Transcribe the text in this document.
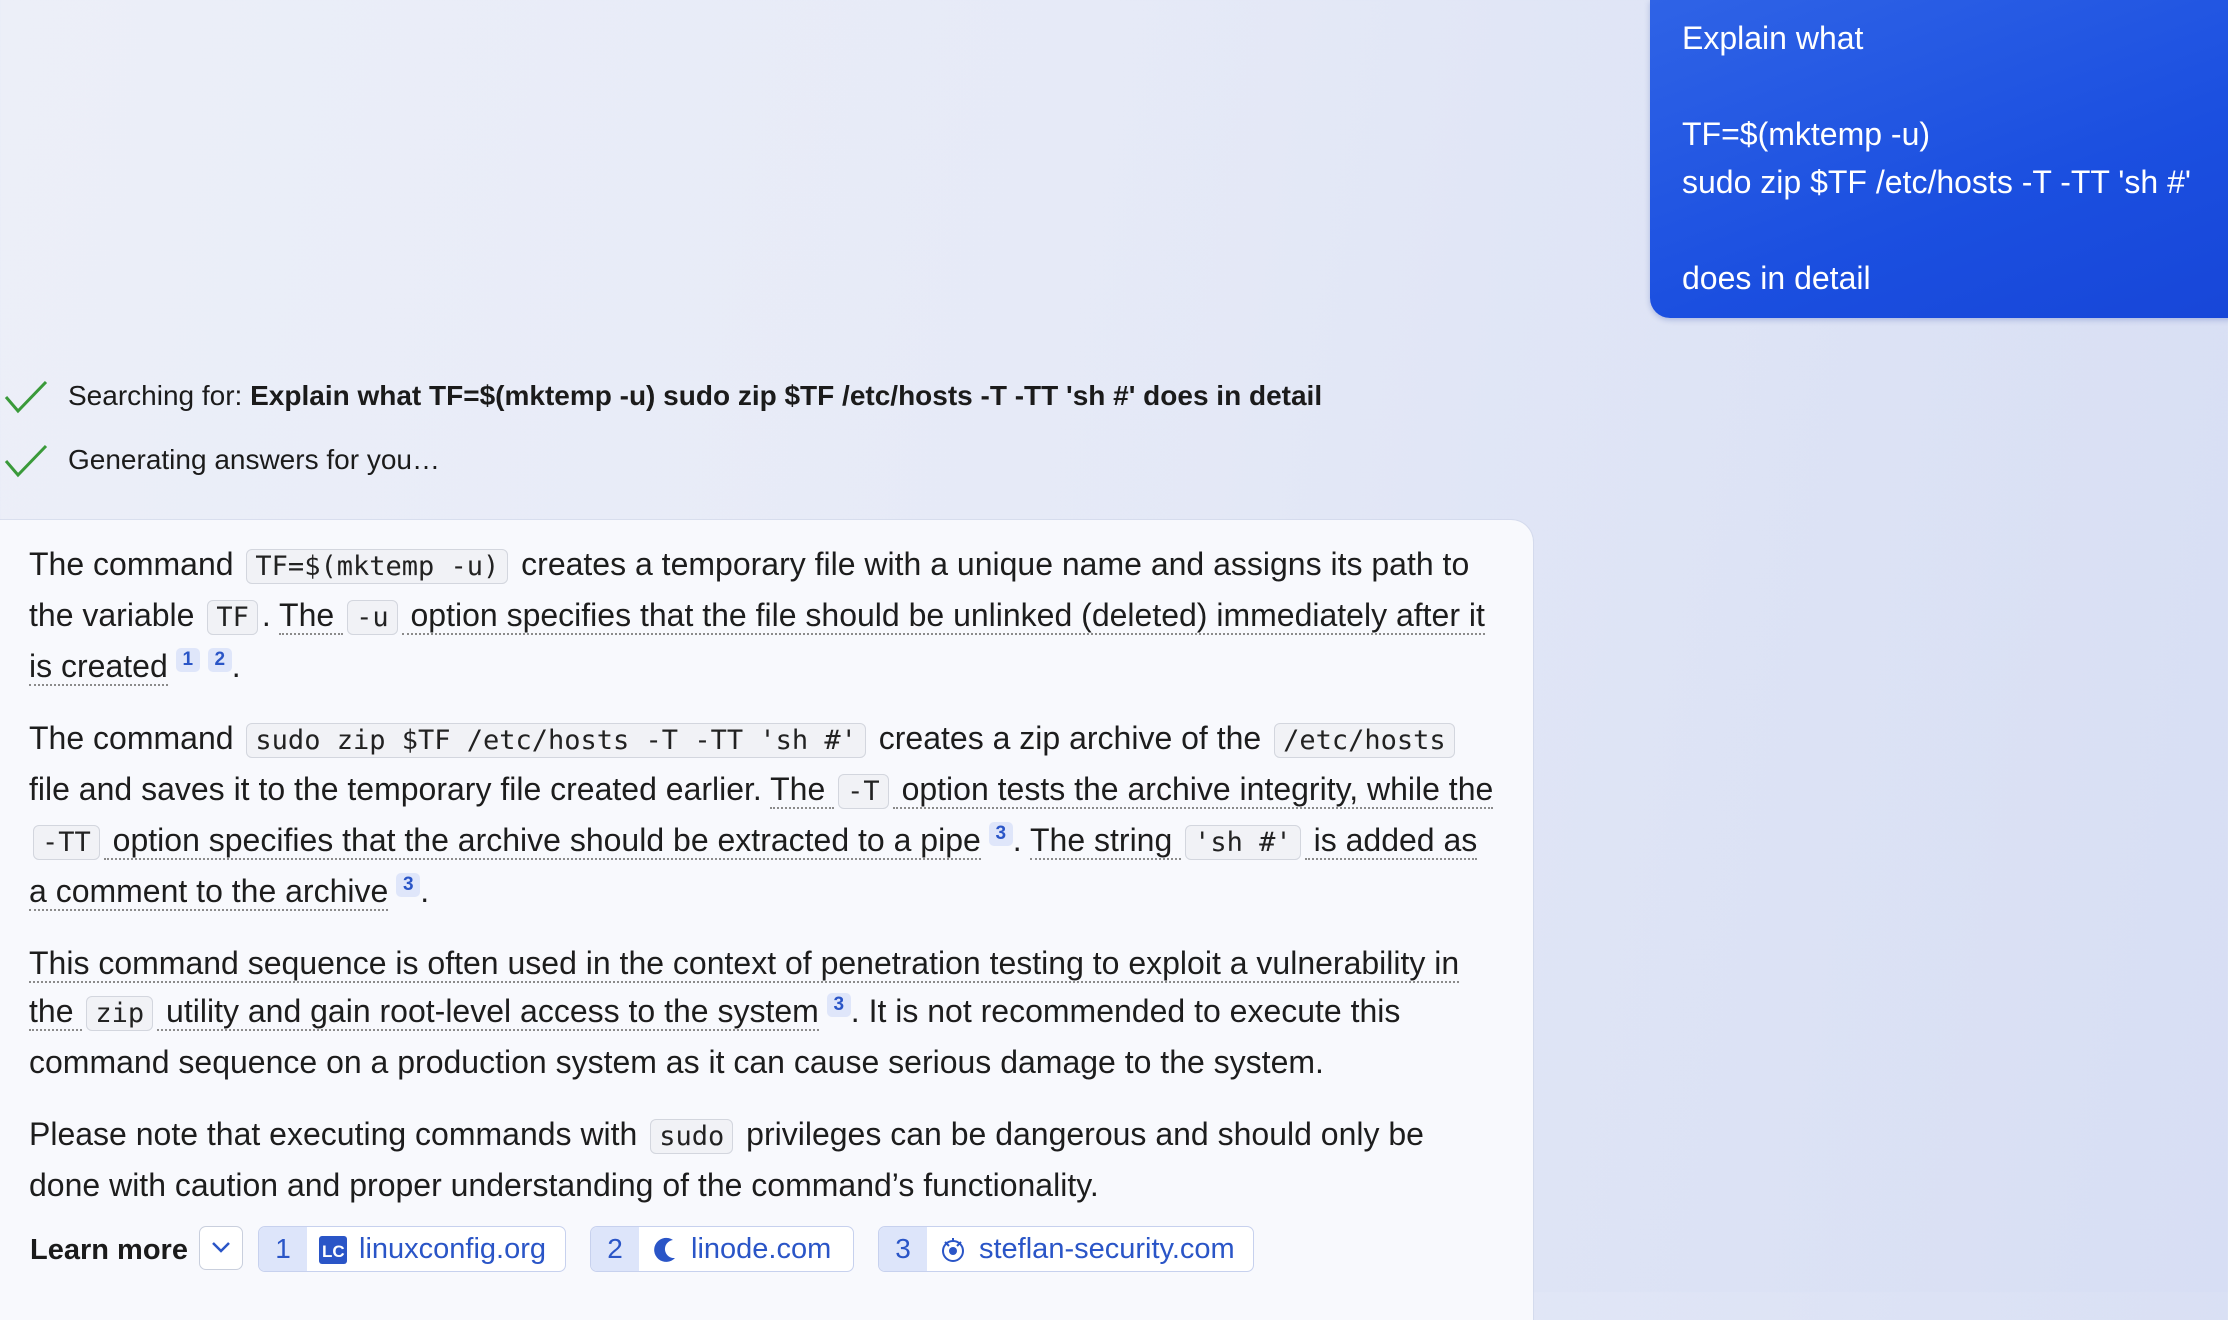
Explain what
TF=$(mktemp -u)
sudo zip $TF /etc/hosts -T -TT 'sh #'
does in detail
Searching for: Explain what TF=$(mktemp -u) sudo zip $TF /etc/hosts -T -TT 'sh #' does in detail
Generating answers for you…

The command TF=$(mktemp -u) creates a temporary file with a unique name and assigns its path to the variable TF . The -u option specifies that the file should be unlinked (deleted) immediately after it is created $^1$ $^2$ .

The command sudo zip $TF /etc/hosts -T -TT 'sh #' creates a zip archive of the /etc/hosts file and saves it to the temporary file created earlier. The -T option tests the archive integrity, while the -TT option specifies that the archive should be extracted to a pipe $^3$ . The string 'sh #' is added as a comment to the archive $^3$ .

This command sequence is often used in the context of penetration testing to exploit a vulnerability in the zip utility and gain root-level access to the system $^3$ . It is not recommended to execute this command sequence on a production system as it can cause serious damage to the system.

Please note that executing commands with sudo privileges can be dangerous and should only be done with caution and proper understanding of the command’s functionality.

Learn more	1	LC linuxconfig.org	2	linode.com	3	steflan-security.com
